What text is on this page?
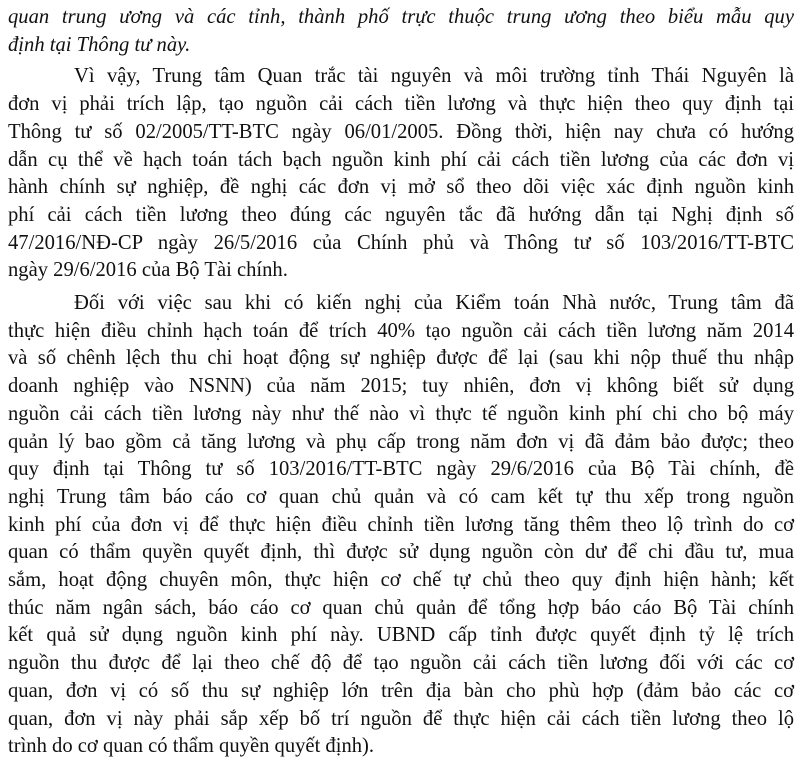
quan trung ương và các tỉnh, thành phố trực thuộc trung ương theo biểu mẫu quy
định tại Thông tư này.

Vì vậy, Trung tâm Quan trắc tài nguyên và môi trường tỉnh Thái Nguyên là
đơn vị phải trích lập, tạo nguồn cải cách tiền lương và thực hiện theo quy định tại
Thông tư số 02/2005/TT-BTC ngày 06/01/2005. Đồng thời, hiện nay chưa có hướng
dẫn cụ thể về hạch toán tách bạch nguồn kinh phí cải cách tiền lương của các đơn vị
hành chính sự nghiệp, đề nghị các đơn vị mở sổ theo dõi việc xác định nguồn kinh
phí cải cách tiền lương theo đúng các nguyên tắc đã hướng dẫn tại Nghị định số
47/2016/NĐ-CP ngày 26/5/2016 của Chính phủ và Thông tư số 103/2016/TT-BTC
ngày 29/6/2016 của Bộ Tài chính.

Đối với việc sau khi có kiến nghị của Kiểm toán Nhà nước, Trung tâm đã
thực hiện điều chỉnh hạch toán để trích 40% tạo nguồn cải cách tiền lương năm 2014
và số chênh lệch thu chi hoạt động sự nghiệp được để lại (sau khi nộp thuế thu nhập
doanh nghiệp vào NSNN) của năm 2015; tuy nhiên, đơn vị không biết sử dụng
nguồn cải cách tiền lương này như thế nào vì thực tế nguồn kinh phí chi cho bộ máy
quản lý bao gồm cả tăng lương và phụ cấp trong năm đơn vị đã đảm bảo được; theo
quy định tại Thông tư số 103/2016/TT-BTC ngày 29/6/2016 của Bộ Tài chính, đề
nghị Trung tâm báo cáo cơ quan chủ quản và có cam kết tự thu xếp trong nguồn
kinh phí của đơn vị để thực hiện điều chỉnh tiền lương tăng thêm theo lộ trình do cơ
quan có thẩm quyền quyết định, thì được sử dụng nguồn còn dư để chi đầu tư, mua
sắm, hoạt động chuyên môn, thực hiện cơ chế tự chủ theo quy định hiện hành; kết
thúc năm ngân sách, báo cáo cơ quan chủ quản để tổng hợp báo cáo Bộ Tài chính
kết quả sử dụng nguồn kinh phí này. UBND cấp tỉnh được quyết định tỷ lệ trích
nguồn thu được để lại theo chế độ để tạo nguồn cải cách tiền lương đối với các cơ
quan, đơn vị có số thu sự nghiệp lớn trên địa bàn cho phù hợp (đảm bảo các cơ
quan, đơn vị này phải sắp xếp bố trí nguồn để thực hiện cải cách tiền lương theo lộ
trình do cơ quan có thẩm quyền quyết định).
